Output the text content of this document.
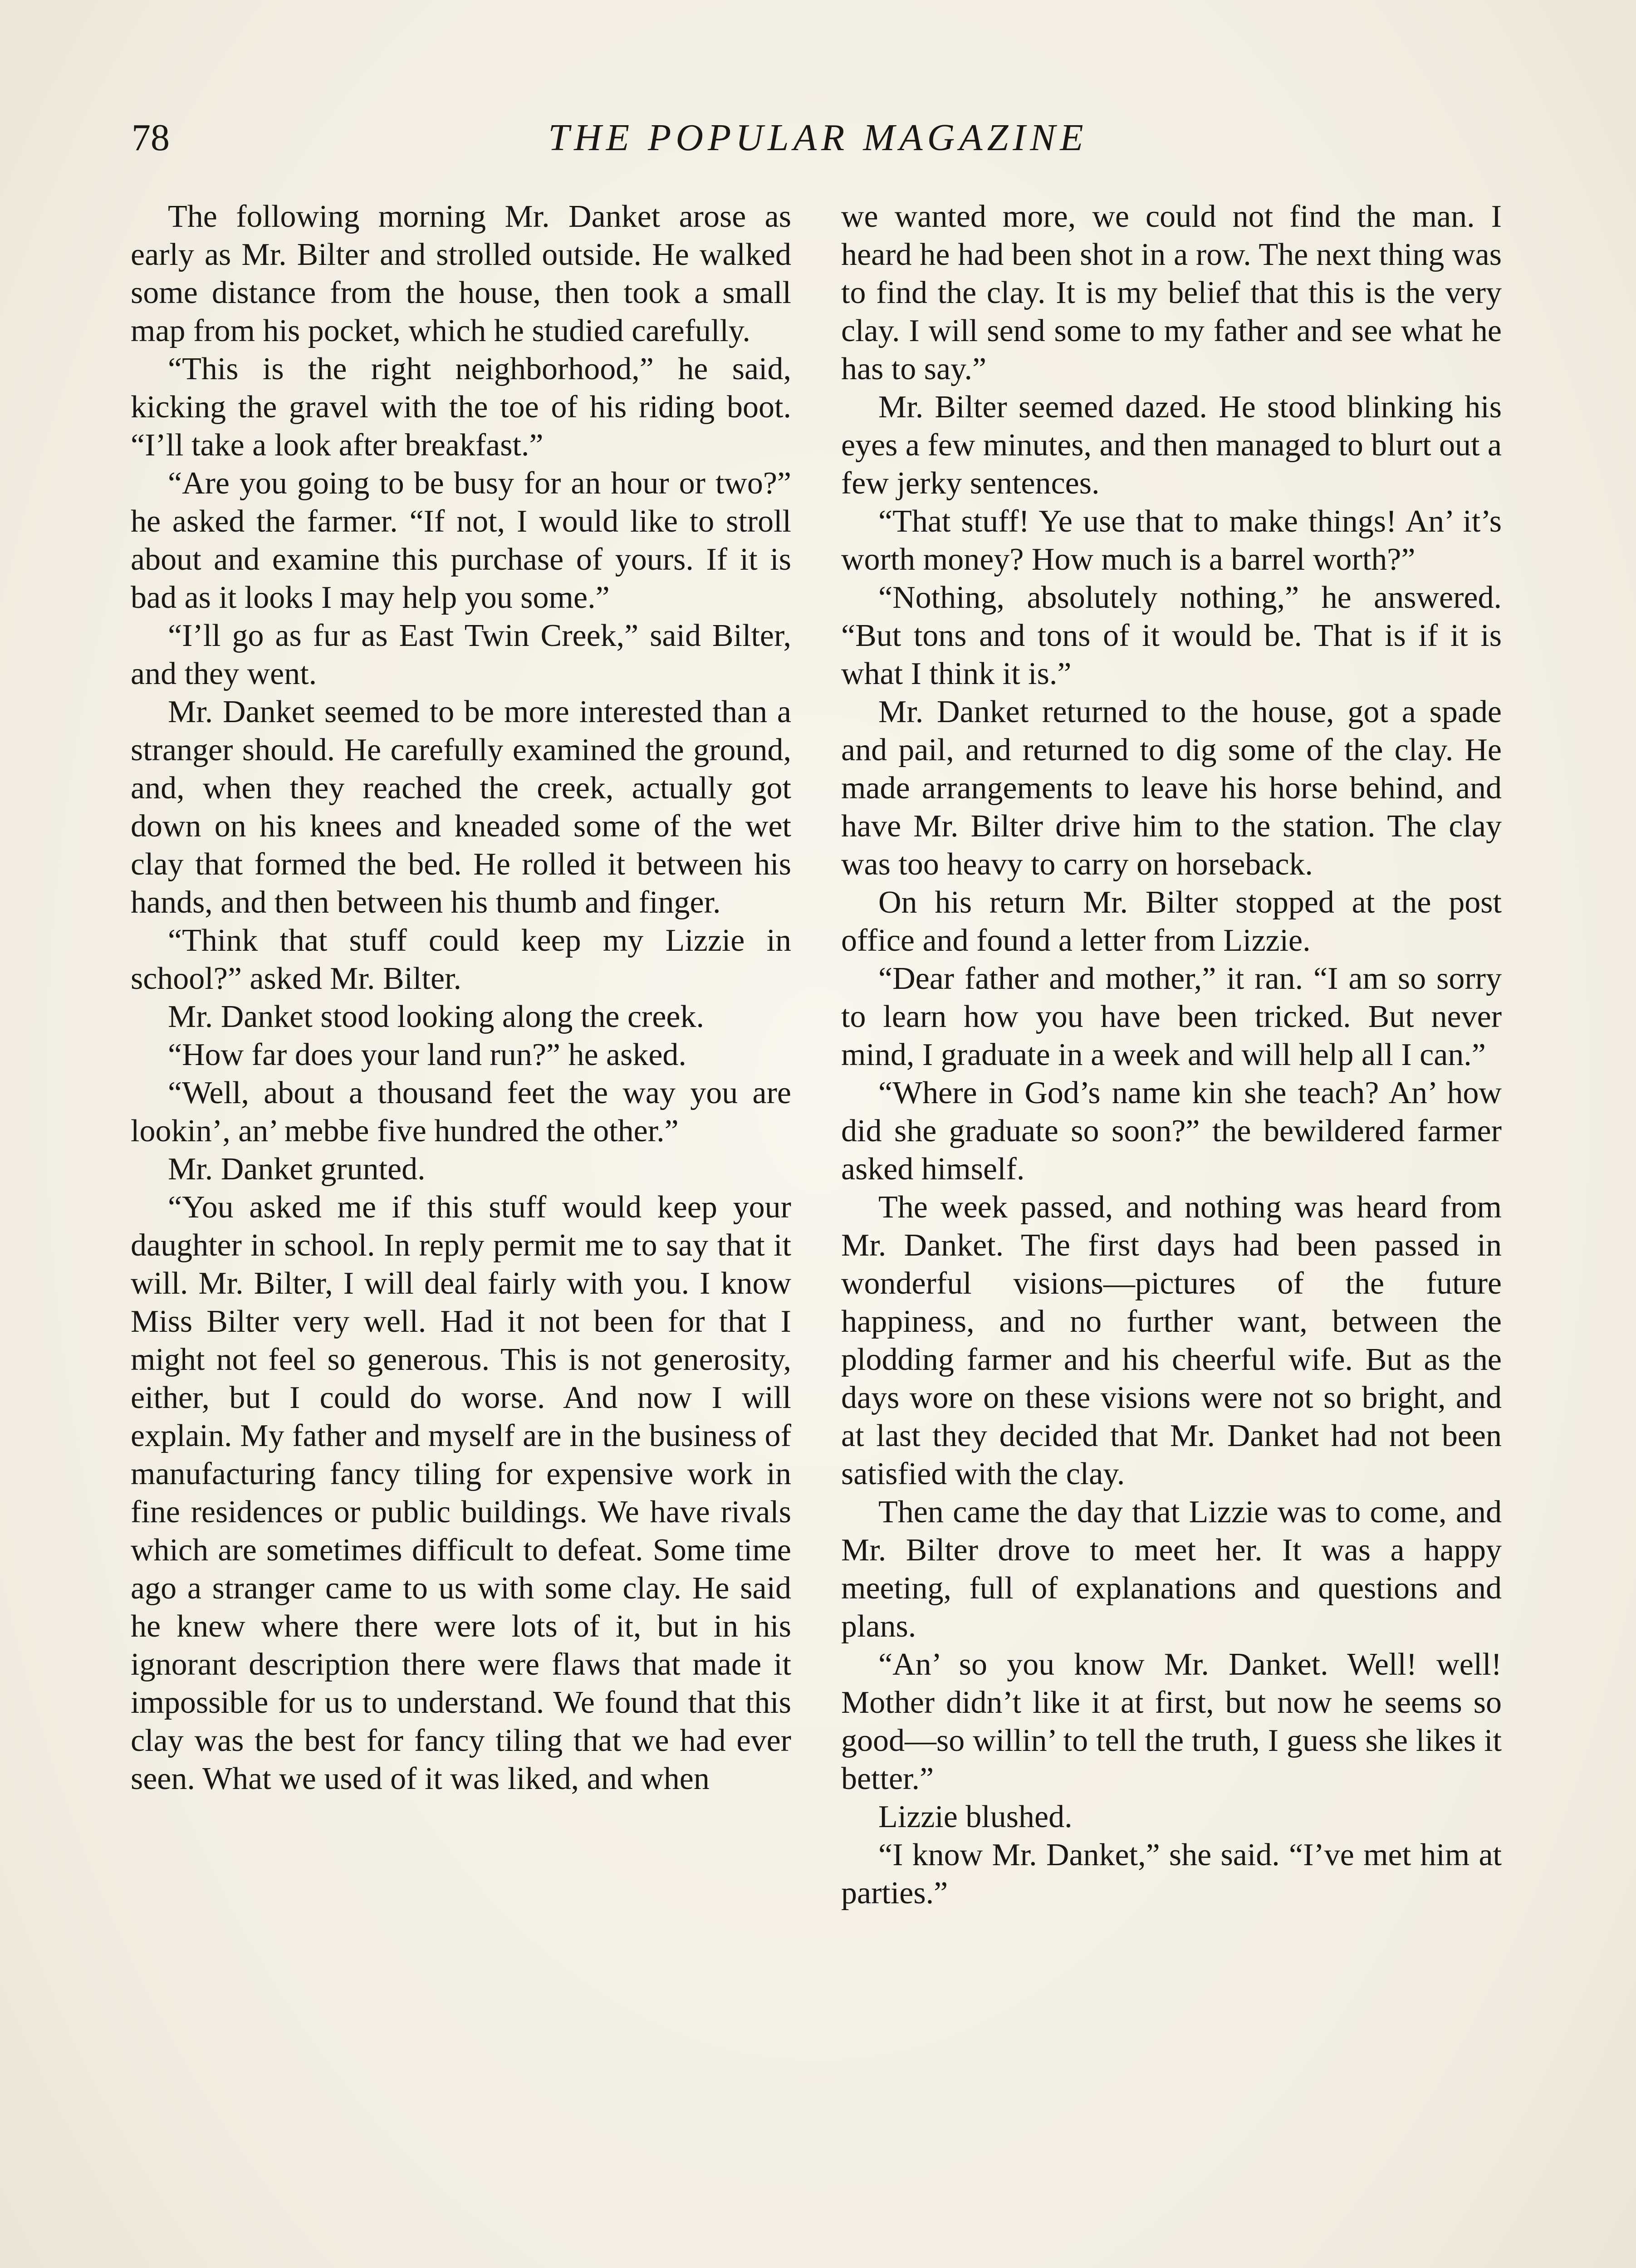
78	THE POPULAR MAGAZINE

The following morning Mr. Danket arose as early as Mr. Bilter and strolled outside. He walked some distance from the house, then took a small map from his pocket, which he studied carefully.

“This is the right neighborhood,” he said, kicking the gravel with the toe of his riding boot. “I’ll take a look after breakfast.”

“Are you going to be busy for an hour or two?” he asked the farmer. “If not, I would like to stroll about and examine this purchase of yours. If it is bad as it looks I may help you some.”

“I’ll go as fur as East Twin Creek,” said Bilter, and they went.

Mr. Danket seemed to be more interested than a stranger should. He carefully examined the ground, and, when they reached the creek, actually got down on his knees and kneaded some of the wet clay that formed the bed. He rolled it between his hands, and then between his thumb and finger.

“Think that stuff could keep my Lizzie in school?” asked Mr. Bilter.

Mr. Danket stood looking along the creek.

“How far does your land run?” he asked.

“Well, about a thousand feet the way you are lookin’, an’ mebbe five hundred the other.”

Mr. Danket grunted.

“You asked me if this stuff would keep your daughter in school. In reply permit me to say that it will. Mr. Bilter, I will deal fairly with you. I know Miss Bilter very well. Had it not been for that I might not feel so generous. This is not generosity, either, but I could do worse. And now I will explain. My father and myself are in the business of manufacturing fancy tiling for expensive work in fine residences or public buildings. We have rivals which are sometimes difficult to defeat. Some time ago a stranger came to us with some clay. He said he knew where there were lots of it, but in his ignorant description there were flaws that made it impossible for us to understand. We found that this clay was the best for fancy tiling that we had ever seen. What we used of it was liked, and when

we wanted more, we could not find the man. I heard he had been shot in a row. The next thing was to find the clay. It is my belief that this is the very clay. I will send some to my father and see what he has to say.”

Mr. Bilter seemed dazed. He stood blinking his eyes a few minutes, and then managed to blurt out a few jerky sentences.

“That stuff! Ye use that to make things! An’ it’s worth money? How much is a barrel worth?”

“Nothing, absolutely nothing,” he answered. “But tons and tons of it would be. That is if it is what I think it is.”

Mr. Danket returned to the house, got a spade and pail, and returned to dig some of the clay. He made arrangements to leave his horse behind, and have Mr. Bilter drive him to the station. The clay was too heavy to carry on horseback.

On his return Mr. Bilter stopped at the post office and found a letter from Lizzie.

“Dear father and mother,” it ran. “I am so sorry to learn how you have been tricked. But never mind, I graduate in a week and will help all I can.”

“Where in God’s name kin she teach? An’ how did she graduate so soon?” the bewildered farmer asked himself.

The week passed, and nothing was heard from Mr. Danket. The first days had been passed in wonderful visions—pictures of the future happiness, and no further want, between the plodding farmer and his cheerful wife. But as the days wore on these visions were not so bright, and at last they decided that Mr. Danket had not been satisfied with the clay.

Then came the day that Lizzie was to come, and Mr. Bilter drove to meet her. It was a happy meeting, full of explanations and questions and plans.

“An’ so you know Mr. Danket. Well! well! Mother didn’t like it at first, but now he seems so good—so willin’ to tell the truth, I guess she likes it better.”

Lizzie blushed.

“I know Mr. Danket,” she said. “I’ve met him at parties.”
